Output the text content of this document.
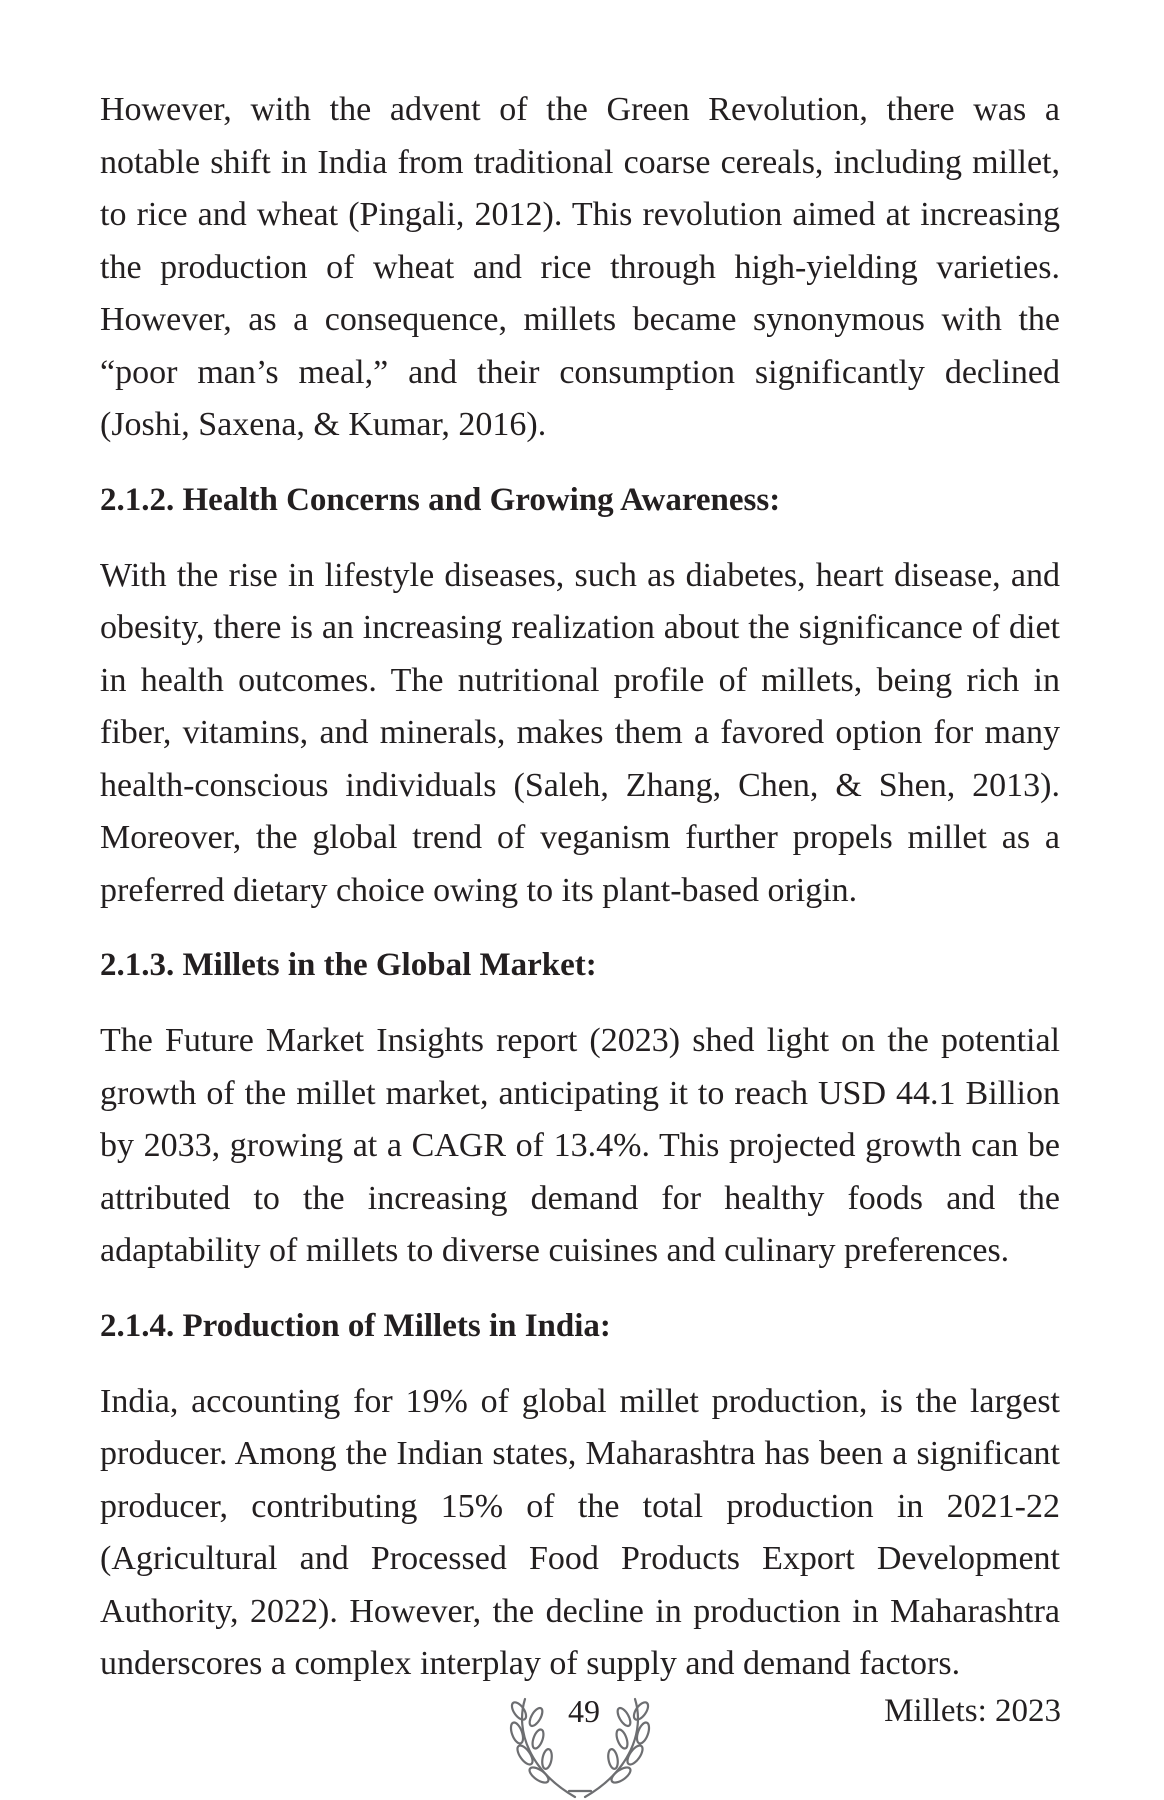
However, with the advent of the Green Revolution, there was a notable shift in India from traditional coarse cereals, including millet, to rice and wheat (Pingali, 2012). This revolution aimed at increasing the production of wheat and rice through high-yielding varieties. However, as a consequence, millets became synonymous with the “poor man’s meal,” and their consumption significantly declined (Joshi, Saxena, & Kumar, 2016).

2.1.2. Health Concerns and Growing Awareness:

With the rise in lifestyle diseases, such as diabetes, heart disease, and obesity, there is an increasing realization about the significance of diet in health outcomes. The nutritional profile of millets, being rich in fiber, vitamins, and minerals, makes them a favored option for many health-conscious individuals (Saleh, Zhang, Chen, & Shen, 2013). Moreover, the global trend of veganism further propels millet as a preferred dietary choice owing to its plant-based origin.

2.1.3. Millets in the Global Market:

The Future Market Insights report (2023) shed light on the potential growth of the millet market, anticipating it to reach USD 44.1 Billion by 2033, growing at a CAGR of 13.4%. This projected growth can be attributed to the increasing demand for healthy foods and the adaptability of millets to diverse cuisines and culinary preferences.

2.1.4. Production of Millets in India:

India, accounting for 19% of global millet production, is the largest producer. Among the Indian states, Maharashtra has been a significant producer, contributing 15% of the total production in 2021-22 (Agricultural and Processed Food Products Export Development Authority, 2022). However, the decline in production in Maharashtra underscores a complex interplay of supply and demand factors.

49	Millets: 2023
